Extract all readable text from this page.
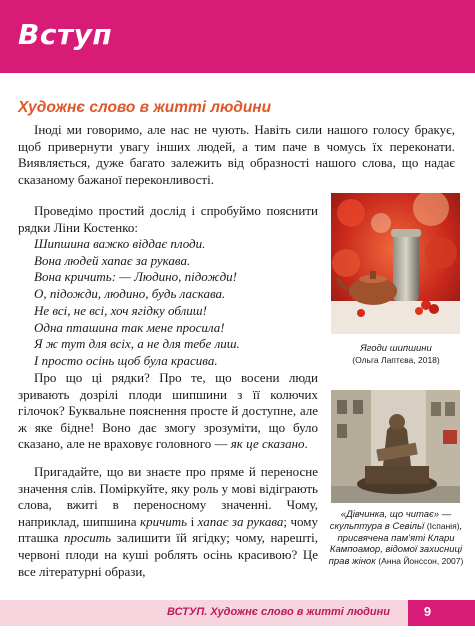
Вступ
Художнє слово в житті людини

Іноді ми говоримо, але нас не чують. Навіть сили нашого голосу бракує, щоб привернути увагу інших людей, а тим паче в чомусь їх переконати. Виявляється, дуже багато залежить від образності нашого слова, що надає сказаному бажаної переконливості.

Проведімо простий дослід і спробуймо пояснити рядки Ліни Костенко:

Шипшина важко віддає плоди.
Вона людей хапає за рукава.
Вона кричить: — Люди​но, підожди!
О, підожди, людино, будь ласкава.
Не всі, не всі, хоч ягідку облиш!
Одна пташина так мене просила!
Я ж тут для всіх, а не для тебе лиш.
І просто осінь щоб була красива.

Про що ці рядки? Про те, що восени люди зривають дозрілі плоди шипшини з її колючих гілочок? Буквальне пояснення просте й доступне, але ж яке бідне! Воно дає змогу зрозуміти, що було сказано, але не враховує головного — як це сказано.

Пригадайте, що ви знаєте про пряме й переносне значення слів. Поміркуйте, яку роль у мові відіграють слова, вжиті в переносному значенні. Чому, наприклад, шипшина кричить і хапає за рукава; чому пташка просить залишити їй ягідку; чому, нарешті, червоні плоди на куші роблять осінь красивою? Це все літературні образи,

Ягоди шипшини
(Ольга Лаптєва, 2018)
«Дівчинка, що читає» — скульптура в Севільї (Іспанія), присвячена пам'яті Клари Кампоамор, відомої захисниці прав жінок (Анна Йонссон, 2007)
ВСТУП. Художнє слово в житті людини	9
